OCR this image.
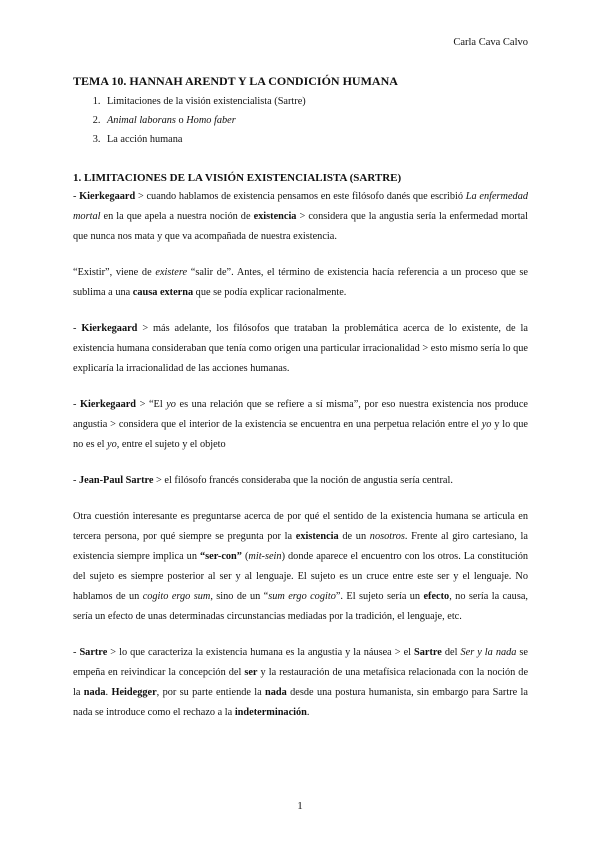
Carla Cava Calvo
TEMA 10. HANNAH ARENDT Y LA CONDICIÓN HUMANA
1. Limitaciones de la visión existencialista (Sartre)
2. Animal laborans o Homo faber
3. La acción humana
1. LIMITACIONES DE LA VISIÓN EXISTENCIALISTA (SARTRE)

- Kierkegaard > cuando hablamos de existencia pensamos en este filósofo danés que escribió La enfermedad mortal en la que apela a nuestra noción de existencia > considera que la angustia sería la enfermedad mortal que nunca nos mata y que va acompañada de nuestra existencia.

“Existir”, viene de existere “salir de”. Antes, el término de existencia hacía referencia a un proceso que se sublima a una causa externa que se podía explicar racionalmente.

- Kierkegaard > más adelante, los filósofos que trataban la problemática acerca de lo existente, de la existencia humana consideraban que tenía como origen una particular irracionalidad > esto mismo sería lo que explicaría la irracionalidad de las acciones humanas.

- Kierkegaard > “El yo es una relación que se refiere a sí misma”, por eso nuestra existencia nos produce angustia > considera que el interior de la existencia se encuentra en una perpetua relación entre el yo y lo que no es el yo, entre el sujeto y el objeto

- Jean-Paul Sartre > el filósofo francés consideraba que la noción de angustia sería central.

Otra cuestión interesante es preguntarse acerca de por qué el sentido de la existencia humana se articula en tercera persona, por qué siempre se pregunta por la existencia de un nosotros. Frente al giro cartesiano, la existencia siempre implica un “ser-con” (mit-sein) donde aparece el encuentro con los otros. La constitución del sujeto es siempre posterior al ser y al lenguaje. El sujeto es un cruce entre este ser y el lenguaje. No hablamos de un cogito ergo sum, sino de un “sum ergo cogito”. El sujeto sería un efecto, no sería la causa, sería un efecto de unas determinadas circunstancias mediadas por la tradición, el lenguaje, etc.

- Sartre > lo que caracteriza la existencia humana es la angustia y la náusea > el Sartre del Ser y la nada se empeña en reivindicar la concepción del ser y la restauración de una metafísica relacionada con la noción de la nada. Heidegger, por su parte entiende la nada desde una postura humanista, sin embargo para Sartre la nada se introduce como el rechazo a la indeterminación.

1
